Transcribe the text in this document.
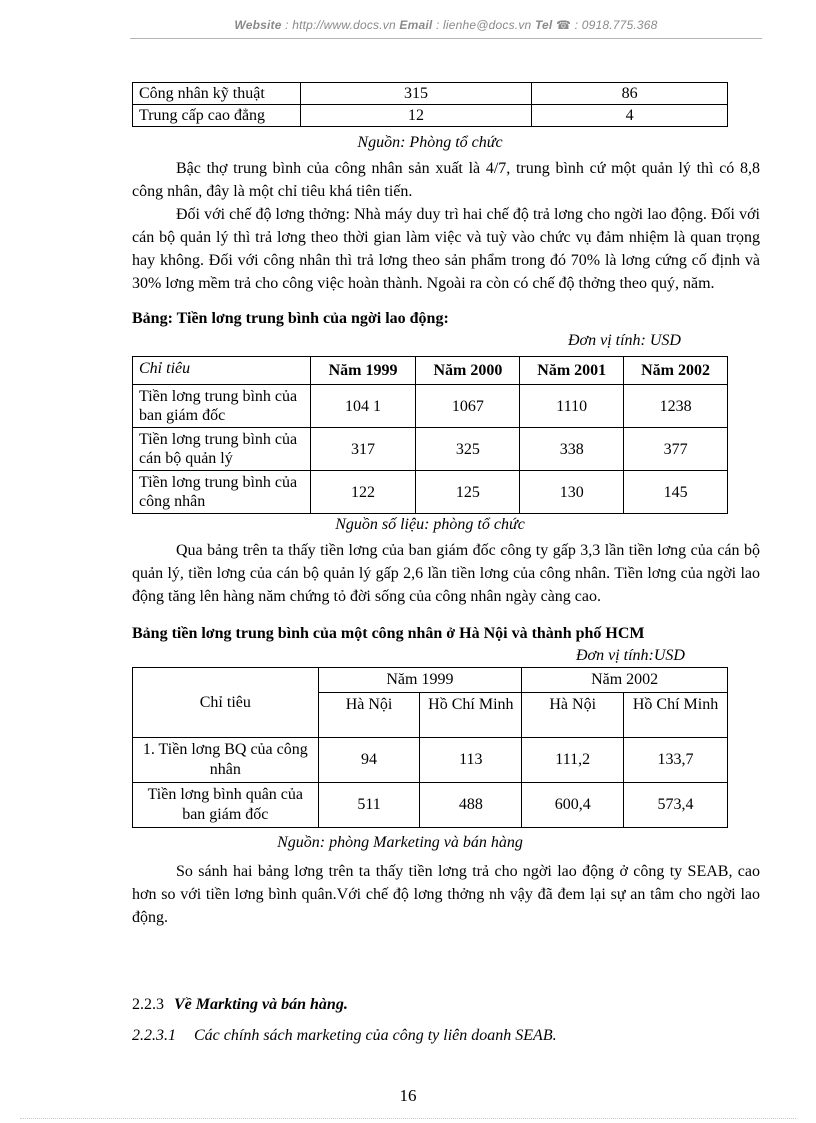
Website : http://www.docs.vn Email : lienhe@docs.vn Tel ☎ : 0918.775.368
Công nhân kỹ thuật	315	86
Trung cấp cao đẳng	12	4
Nguồn: Phòng tổ chức

Bậc thợ trung bình của công nhân sản xuất là 4/7, trung bình cứ một quản lý thì có 8,8 công nhân, đây là một chỉ tiêu khá tiên tiến.

Đối với chế độ lơng thởng: Nhà máy duy trì hai chế độ trả lơng cho ngời lao động. Đối với cán bộ quản lý thì trả lơng theo thời gian làm việc và tuỳ vào chức vụ đảm nhiệm là quan trọng hay không. Đối với công nhân thì trả lơng theo sản phẩm trong đó 70% là lơng cứng cố định và 30% lơng mềm trả cho công việc hoàn thành. Ngoài ra còn có chế độ thởng theo quý, năm.

Bảng: Tiền lơng trung bình của ngời lao động:
Đơn vị tính: USD
Chỉ tiêu	Năm 1999	Năm 2000	Năm 2001	Năm 2002
Tiền lơng trung bình của ban giám đốc	104 1	1067	1110	1238
Tiền lơng trung bình của cán bộ quản lý	317	325	338	377
Tiền lơng trung bình của công nhân	122	125	130	145
Nguồn số liệu: phòng tổ chức

Qua bảng trên ta thấy tiền lơng của ban giám đốc công ty gấp 3,3 lần tiền lơng của cán bộ quản lý, tiền lơng của cán bộ quản lý gấp 2,6 lần tiền lơng của công nhân. Tiền lơng của ngời lao động tăng lên hàng năm chứng tỏ đời sống của công nhân ngày càng cao.

Bảng tiền lơng trung bình của một công nhân ở Hà Nội và thành phố HCM
Đơn vị tính:USD
Chỉ tiêu	Năm 1999		Năm 2002	
	Hà Nội	Hồ Chí Minh	Hà Nội	Hồ Chí Minh
1. Tiền lơng BQ của công nhân	94	113	111,2	133,7
Tiền lơng bình quân của ban giám đốc	511	488	600,4	573,4
Nguồn: phòng Marketing và bán hàng

So sánh hai bảng lơng trên ta thấy tiền lơng trả cho ngời lao động ở công ty SEAB, cao hơn so với tiền lơng bình quân.Với chế độ lơng thởng nh vậy đã đem lại sự an tâm cho ngời lao động.

2.2.3 Về Markting và bán hàng.
2.2.3.1 Các chính sách marketing của công ty liên doanh SEAB.
16
